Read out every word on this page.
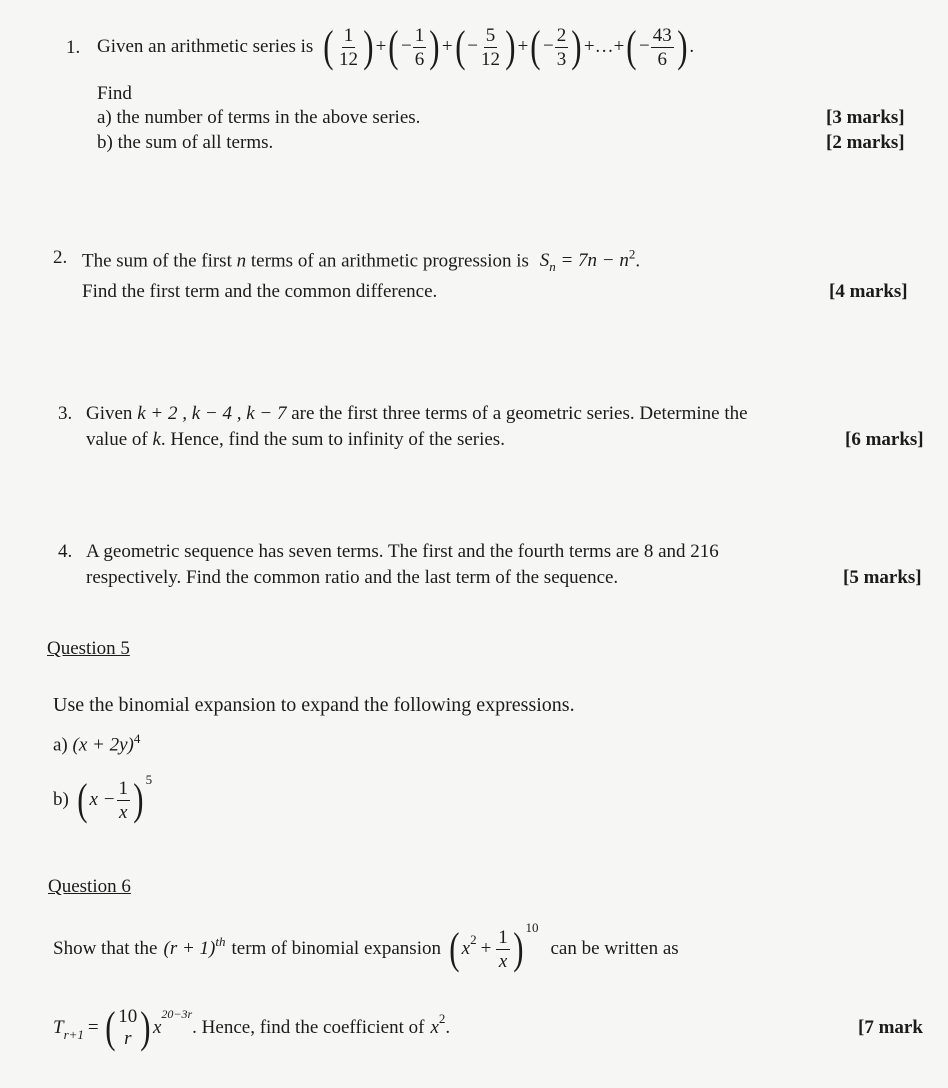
1. Given an arithmetic series is ( $\frac{1}{12}$ ) + ( − $\frac{1}{6}$ ) + ( − $\frac{5}{12}$ ) + ( − $\frac{2}{3}$ ) +…+ ( − $\frac{43}{6}$ ) .
Find
a) the number of terms in the above series.	[3 marks]
b) the sum of all terms.	[2 marks]
2. The sum of the first n terms of an arithmetic progression is $S_n = 7n - n^2$.
Find the first term and the common difference.	[4 marks]
3. Given k + 2 , k − 4 , k − 7 are the first three terms of a geometric series. Determine the
value of k. Hence, find the sum to infinity of the series.	[6 marks]
4. A geometric sequence has seven terms. The first and the fourth terms are 8 and 216
respectively. Find the common ratio and the last term of the sequence.	[5 marks]
Question 5
Use the binomial expansion to expand the following expressions.
a) $(x + 2y)^4$
b) ( $x - \frac{1}{x}$ ) 5
Question 6
Show that the (r + 1) th term of binomial expansion ( x $2 + \frac{1}{x}$ ) 10
can be written as
T r+1 = ( 10
r ) x
20−3r
. Hence, find the coefficient of x 2 .	[7 mark
